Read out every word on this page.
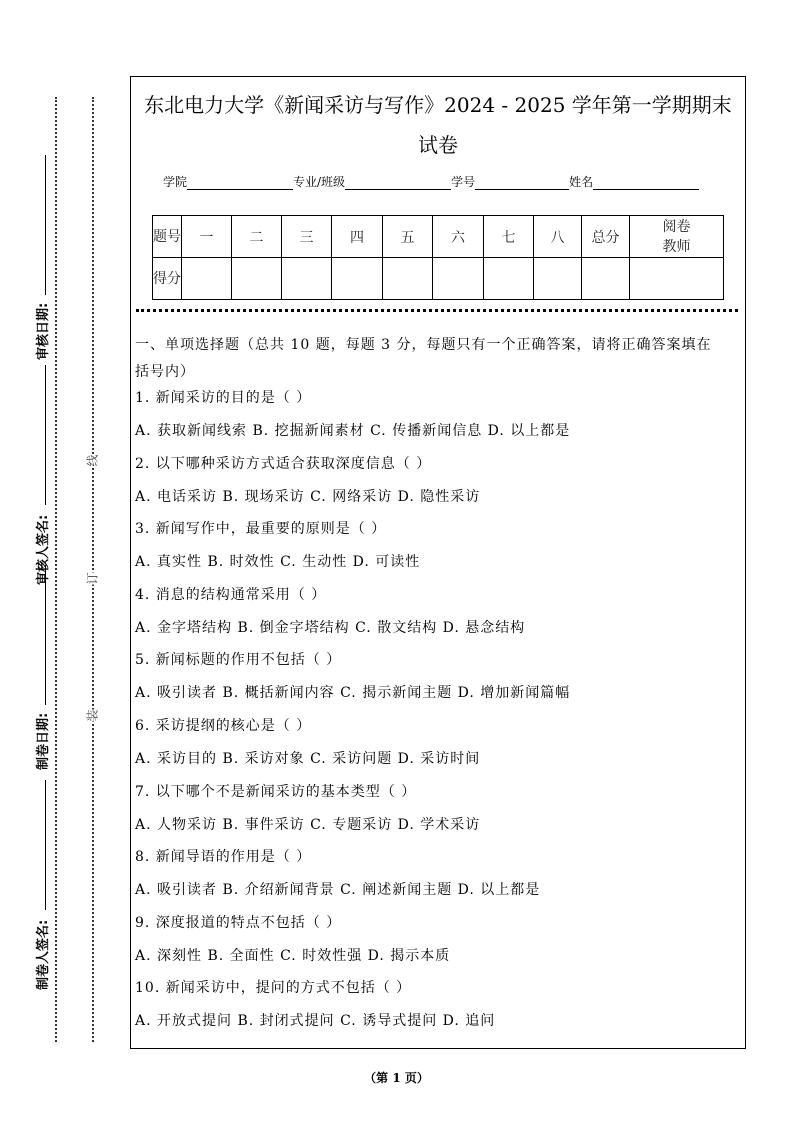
制卷人签名:
制卷日期:
审核人签名:
审核日期:
装
订
线
东北电力大学《新闻采访与写作》2024 - 2025 学年第一学期期末
试卷
学院	专业/班级	学号	姓名
题号	一	二	三	四	五	六	七	八	总分	阅卷教师
得分										
一、单项选择题（总共 10 题，每题 3 分，每题只有一个正确答案，请将正确答案填在
括号内）
1. 新闻采访的目的是（ ）
A. 获取新闻线索 B. 挖掘新闻素材 C. 传播新闻信息 D. 以上都是
2. 以下哪种采访方式适合获取深度信息（ ）
A. 电话采访 B. 现场采访 C. 网络采访 D. 隐性采访
3. 新闻写作中，最重要的原则是（ ）
A. 真实性 B. 时效性 C. 生动性 D. 可读性
4. 消息的结构通常采用（ ）
A. 金字塔结构 B. 倒金字塔结构 C. 散文结构 D. 悬念结构
5. 新闻标题的作用不包括（ ）
A. 吸引读者 B. 概括新闻内容 C. 揭示新闻主题 D. 增加新闻篇幅
6. 采访提纲的核心是（ ）
A. 采访目的 B. 采访对象 C. 采访问题 D. 采访时间
7. 以下哪个不是新闻采访的基本类型（ ）
A. 人物采访 B. 事件采访 C. 专题采访 D. 学术采访
8. 新闻导语的作用是（ ）
A. 吸引读者 B. 介绍新闻背景 C. 阐述新闻主题 D. 以上都是
9. 深度报道的特点不包括（ ）
A. 深刻性 B. 全面性 C. 时效性强 D. 揭示本质
10. 新闻采访中，提问的方式不包括（ ）
A. 开放式提问 B. 封闭式提问 C. 诱导式提问 D. 追问
（第 1 页）
